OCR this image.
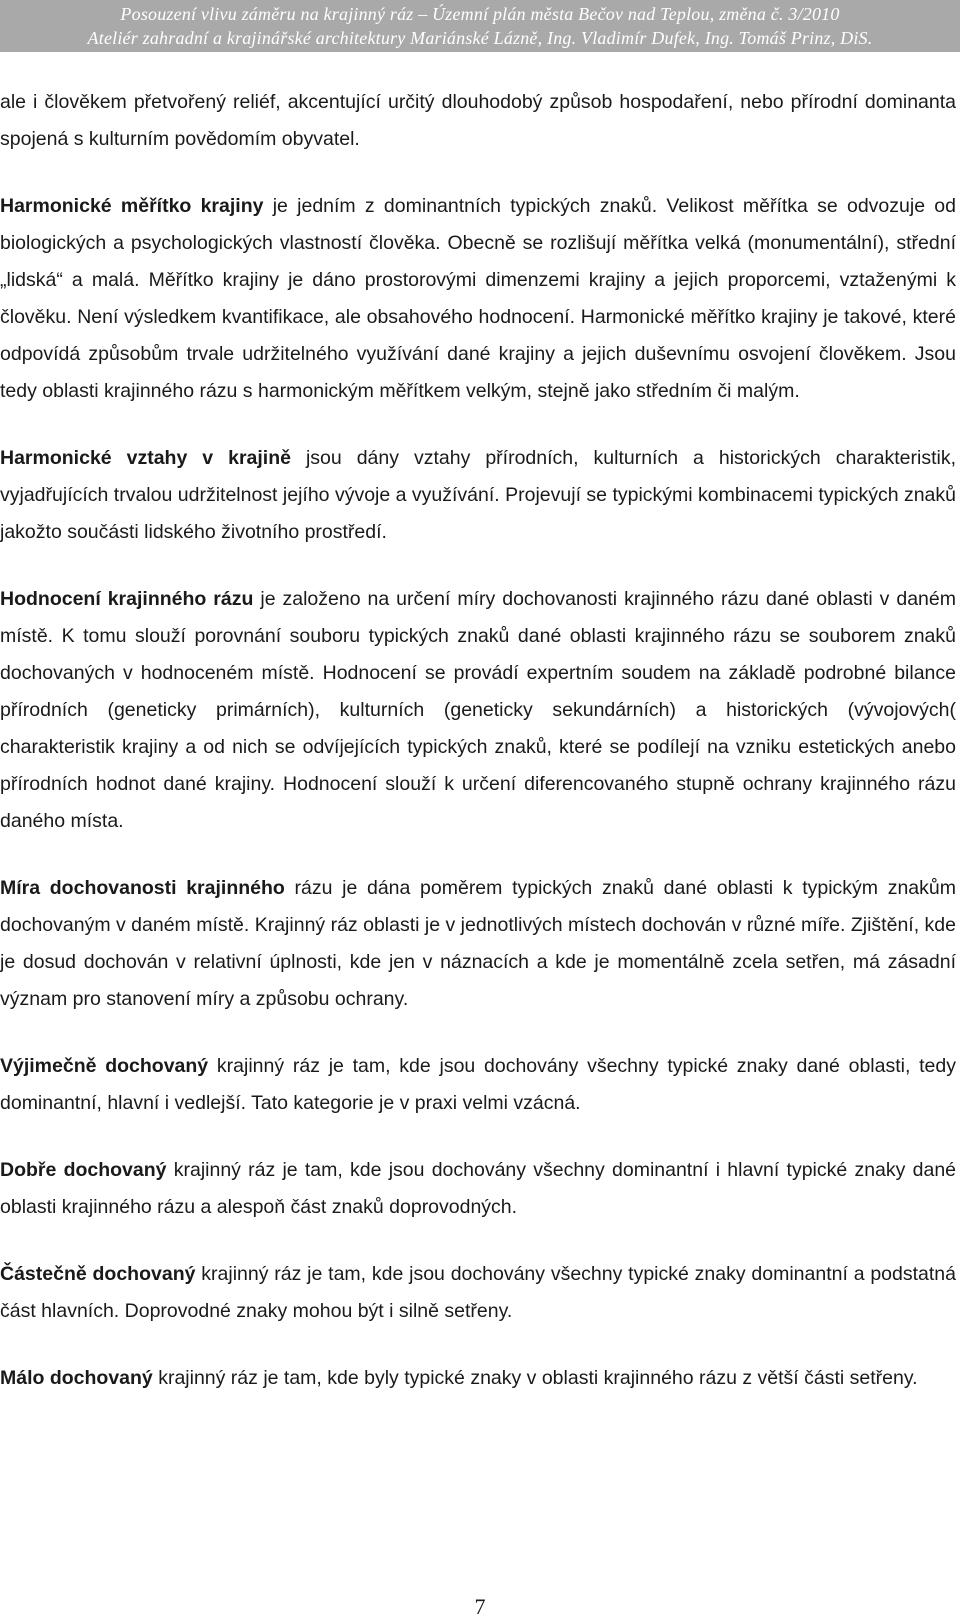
Posouzení vlivu záměru na krajinný ráz – Územní plán města Bečov nad Teplou, změna č. 3/2010
Ateliér zahradní a krajinářské architektury Mariánské Lázně, Ing. Vladimír Dufek, Ing. Tomáš Prinz, DiS.

ale i člověkem přetvořený reliéf, akcentující určitý dlouhodobý způsob hospodaření, nebo přírodní dominanta spojená s kulturním povědomím obyvatel.

Harmonické měřítko krajiny je jedním z dominantních typických znaků. Velikost měřítka se odvozuje od biologických a psychologických vlastností člověka. Obecně se rozlišují měřítka velká (monumentální), střední „lidská“ a malá. Měřítko krajiny je dáno prostorovými dimenzemi krajiny a jejich proporcemi, vztaženými k člověku. Není výsledkem kvantifikace, ale obsahového hodnocení. Harmonické měřítko krajiny je takové, které odpovídá způsobům trvale udržitelného využívání dané krajiny a jejich duševnímu osvojení člověkem. Jsou tedy oblasti krajinného rázu s harmonickým měřítkem velkým, stejně jako středním či malým.

Harmonické vztahy v krajině jsou dány vztahy přírodních, kulturních a historických charakteristik, vyjadřujících trvalou udržitelnost jejího vývoje a využívání. Projevují se typickými kombinacemi typických znaků jakožto součásti lidského životního prostředí.

Hodnocení krajinného rázu je založeno na určení míry dochovanosti krajinného rázu dané oblasti v daném místě. K tomu slouží porovnání souboru typických znaků dané oblasti krajinného rázu se souborem znaků dochovaných v hodnoceném místě. Hodnocení se provádí expertním soudem na základě podrobné bilance přírodních (geneticky primárních), kulturních (geneticky sekundárních) a historických (vývojových( charakteristik krajiny a od nich se odvíjejících typických znaků, které se podílejí na vzniku estetických anebo přírodních hodnot dané krajiny. Hodnocení slouží k určení diferencovaného stupně ochrany krajinného rázu daného místa.

Míra dochovanosti krajinného rázu je dána poměrem typických znaků dané oblasti k typickým znakům dochovaným v daném místě. Krajinný ráz oblasti je v jednotlivých místech dochován v různé míře. Zjištění, kde je dosud dochován v relativní úplnosti, kde jen v náznacích a kde je momentálně zcela setřen, má zásadní význam pro stanovení míry a způsobu ochrany.

Výjimečně dochovaný krajinný ráz je tam, kde jsou dochovány všechny typické znaky dané oblasti, tedy dominantní, hlavní i vedlejší. Tato kategorie je v praxi velmi vzácná.

Dobře dochovaný krajinný ráz je tam, kde jsou dochovány všechny dominantní i hlavní typické znaky dané oblasti krajinného rázu a alespoň část znaků doprovodných.

Částečně dochovaný krajinný ráz je tam, kde jsou dochovány všechny typické znaky dominantní a podstatná část hlavních. Doprovodné znaky mohou být i silně setřeny.

Málo dochovaný krajinný ráz je tam, kde byly typické znaky v oblasti krajinného rázu z větší části setřeny.

7
